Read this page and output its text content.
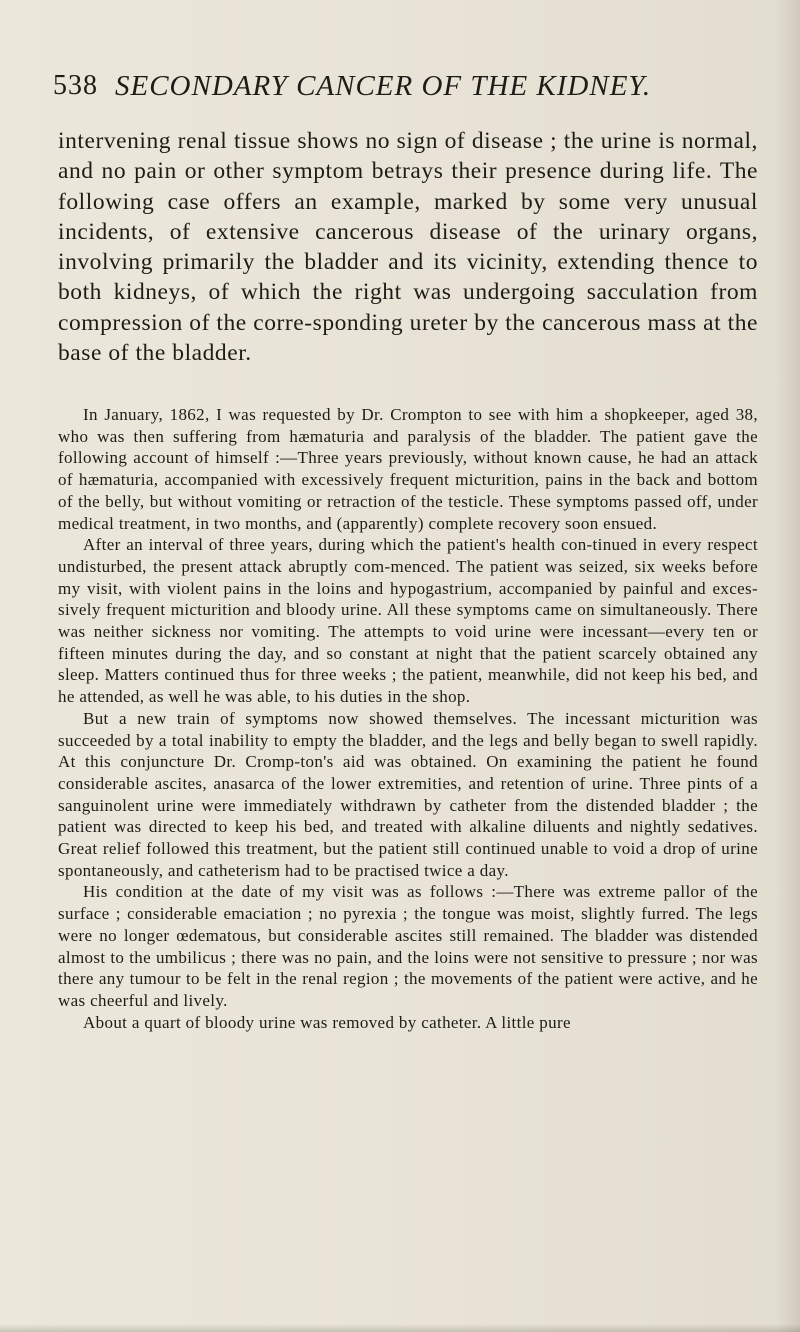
538 SECONDARY CANCER OF THE KIDNEY.

intervening renal tissue shows no sign of disease ; the urine is normal, and no pain or other symptom betrays their presence during life. The following case offers an example, marked by some very unusual incidents, of extensive cancerous disease of the urinary organs, involving primarily the bladder and its vicinity, extending thence to both kidneys, of which the right was undergoing sacculation from compression of the corre-sponding ureter by the cancerous mass at the base of the bladder.

In January, 1862, I was requested by Dr. Crompton to see with him a shopkeeper, aged 38, who was then suffering from hæmaturia and paralysis of the bladder. The patient gave the following account of himself :—Three years previously, without known cause, he had an attack of hæmaturia, accompanied with excessively frequent micturition, pains in the back and bottom of the belly, but without vomiting or retraction of the testicle. These symptoms passed off, under medical treatment, in two months, and (apparently) complete recovery soon ensued.

After an interval of three years, during which the patient's health con-tinued in every respect undisturbed, the present attack abruptly com-menced. The patient was seized, six weeks before my visit, with violent pains in the loins and hypogastrium, accompanied by painful and exces-sively frequent micturition and bloody urine. All these symptoms came on simultaneously. There was neither sickness nor vomiting. The attempts to void urine were incessant—every ten or fifteen minutes during the day, and so constant at night that the patient scarcely obtained any sleep. Matters continued thus for three weeks ; the patient, meanwhile, did not keep his bed, and he attended, as well he was able, to his duties in the shop.

But a new train of symptoms now showed themselves. The incessant micturition was succeeded by a total inability to empty the bladder, and the legs and belly began to swell rapidly. At this conjuncture Dr. Cromp-ton's aid was obtained. On examining the patient he found considerable ascites, anasarca of the lower extremities, and retention of urine. Three pints of a sanguinolent urine were immediately withdrawn by catheter from the distended bladder ; the patient was directed to keep his bed, and treated with alkaline diluents and nightly sedatives. Great relief followed this treatment, but the patient still continued unable to void a drop of urine spontaneously, and catheterism had to be practised twice a day.

His condition at the date of my visit was as follows :—There was extreme pallor of the surface ; considerable emaciation ; no pyrexia ; the tongue was moist, slightly furred. The legs were no longer œdematous, but considerable ascites still remained. The bladder was distended almost to the umbilicus ; there was no pain, and the loins were not sensitive to pressure ; nor was there any tumour to be felt in the renal region ; the movements of the patient were active, and he was cheerful and lively.

About a quart of bloody urine was removed by catheter. A little pure
